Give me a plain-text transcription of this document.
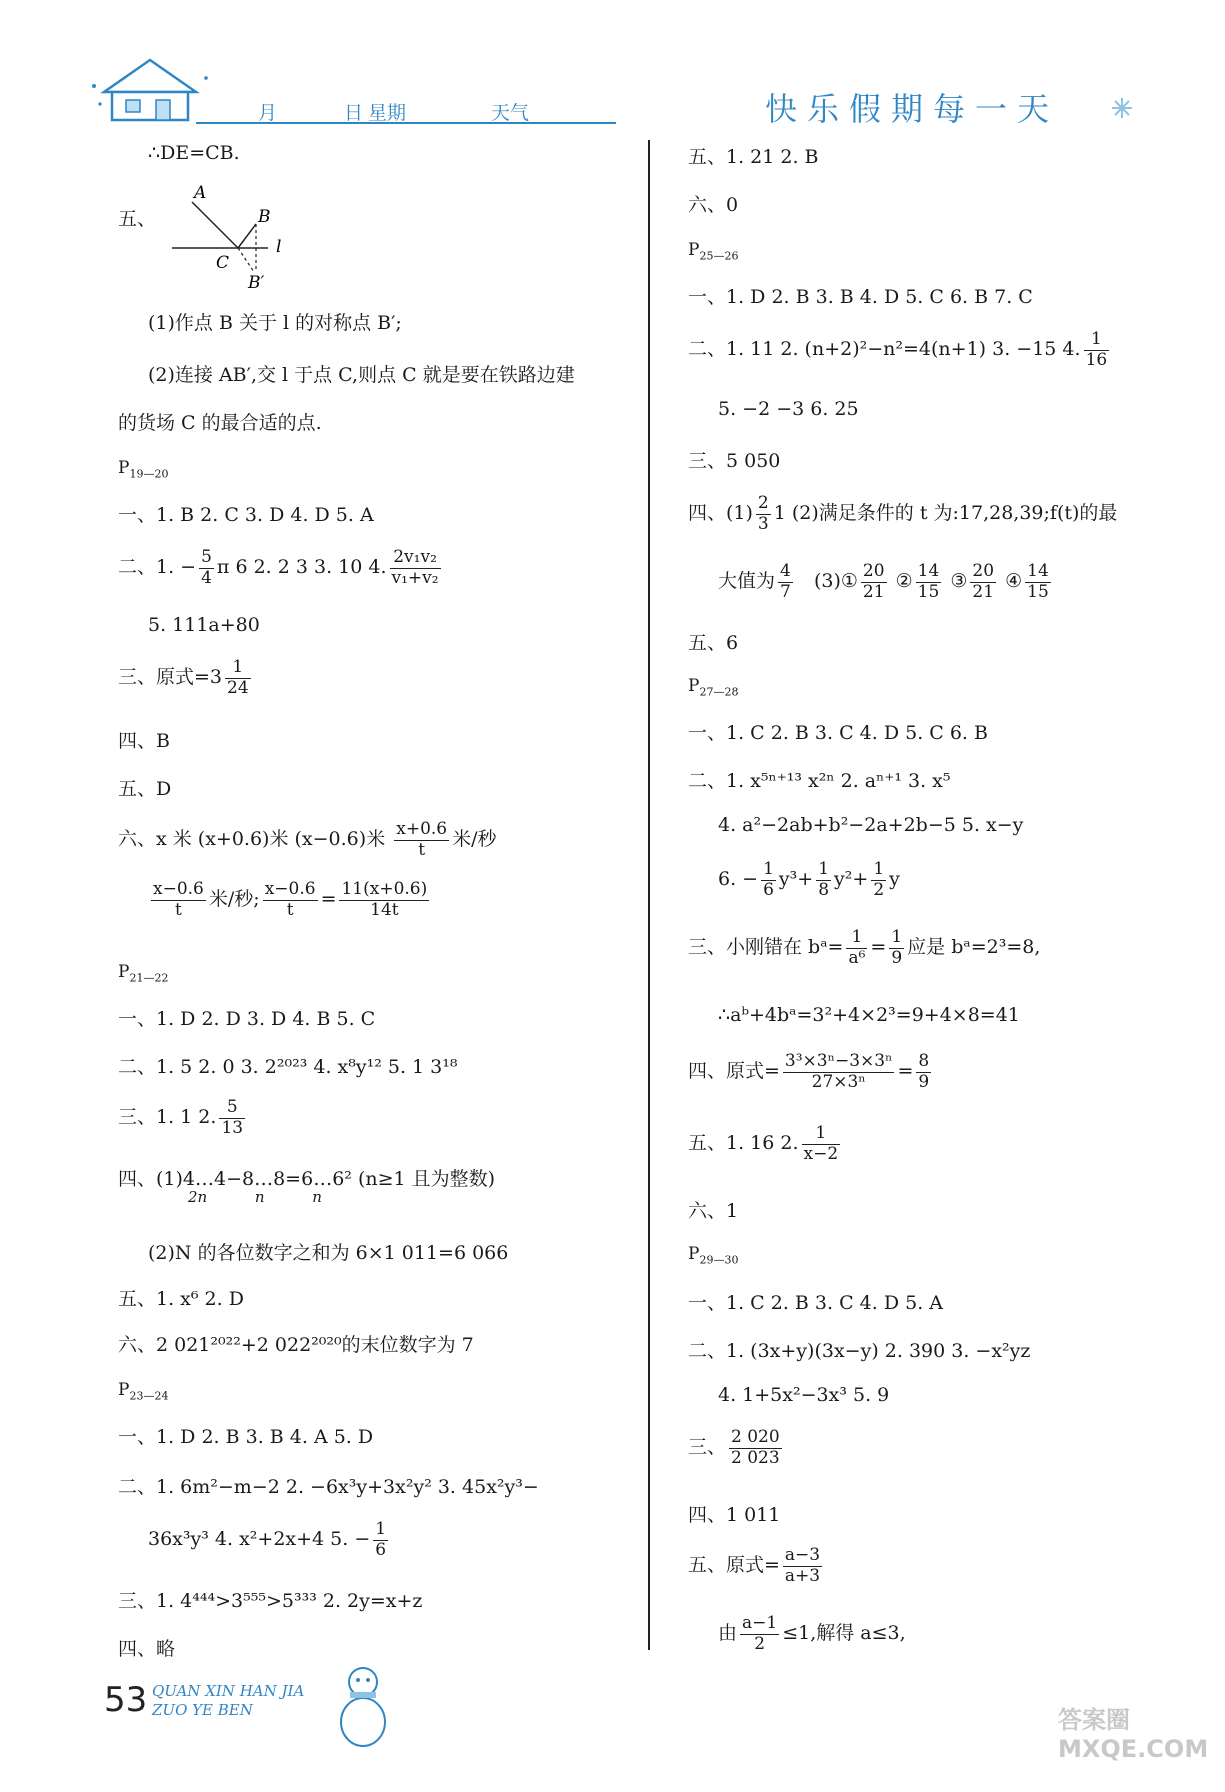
月	日 星期	天气	快乐假期每一天
∴DE=CB.
五、
A
B
C
B′
l
(1)作点 B 关于 l 的对称点 B′;
(2)连接 AB′,交 l 于点 C,则点 C 就是要在铁路边建
的货场 C 的最合适的点.
$P_{19—20}$
一、1. B 2. C 3. D 4. D 5. A
二、1. − $\frac{5}{4}$ π 6 2. 2 3 3. 10 4. $\frac{\text{2v₁v₂}}{\text{v₁+v₂}}$
5. 111a+80
三、原式$=3 \frac{1}{24}$
四、B
五、D
六、x 米 (x+0.6)米 (x−0.6)米 $\frac{x+0.6}{t}$ 米/秒
$\frac{x-0.6}{t}$ 米/秒; $\frac{x-0.6}{t} = \frac{11(x+0.6)}{14t}$
$P_{21—22}$
一、1. D 2. D 3. D 4. B 5. C
二、1. 5 2. 0 3. 2²⁰²³ 4. x⁸y¹² 5. 1 3¹⁸
三、1. 1 2. $\frac{5}{13}$
四、(1)4…4−8…8=6…6² (n≥1 且为整数)
2n          n          n
(2)N 的各位数字之和为 6×1 011=6 066
五、1. x⁶ 2. D
六、2 021²⁰²²+2 022²⁰²⁰的末位数字为 7
$P_{23—24}$
一、1. D 2. B 3. B 4. A 5. D
二、1. 6m²−m−2 2. −6x³y+3x²y² 3. 45x²y³−
36x³y³ 4. x²+2x+4 5. − $\frac{1}{6}$
三、1. 4⁴⁴⁴>3⁵⁵⁵>5³³³ 2. 2y=x+z
四、略
五、1. 21 2. B
六、0
$P_{25—26}$
一、1. D 2. B 3. B 4. D 5. C 6. B 7. C
二、1. 11 2. (n+2)²−n²=4(n+1) 3. −15 4. $\frac{1}{16}$
5. −2 −3 6. 25
三、5 050
四、$(1) \frac{2}{3} 1$ (2)满足条件的 t 为:17,28,39;f(t)的最
大值为 $\frac{4}{7}$ (3)① $\frac{20}{21}$ ② $\frac{14}{15}$ ③ $\frac{20}{21}$ ④ $\frac{14}{15}$
五、6
$P_{27—28}$
一、1. C 2. B 3. C 4. D 5. C 6. B
二、1. x⁵ⁿ⁺¹³ x²ⁿ 2. aⁿ⁺¹ 3. x⁵
4. a²−2ab+b²−2a+2b−5 5. x−y
6. − $\frac{1}{6} y^3+ \frac{1}{8} y^2+ \frac{1}{2}$ y
三、小刚错在 bᵃ= $\frac{1}{\text{a⁶}} = \frac{1}{9}$ 应是 bᵃ=2³=8,
∴aᵇ+4bᵃ=3²+4×2³=9+4×8=41
四、原式= $\frac{\text{3³×3ⁿ−3×3ⁿ}}{\text{27×3ⁿ}} = \frac{8}{9}$
五、1. 16 2. $\frac{1}{x-2}$
六、1
$P_{29—30}$
一、1. C 2. B 3. C 4. D 5. A
二、1. (3x+y)(3x−y) 2. 390 3. −x²yz
4. 1+5x²−3x³ 5. 9
三、 $\frac{2 020}{2 023}$
四、1 011
五、原式= $\frac{a-3}{a+3}$
由 $\frac{a-1}{2} \le 1$,解得 a≤3,
53 QUAN XIN HAN JIA
ZUO YE BEN	答案圈 MXQE.COM
